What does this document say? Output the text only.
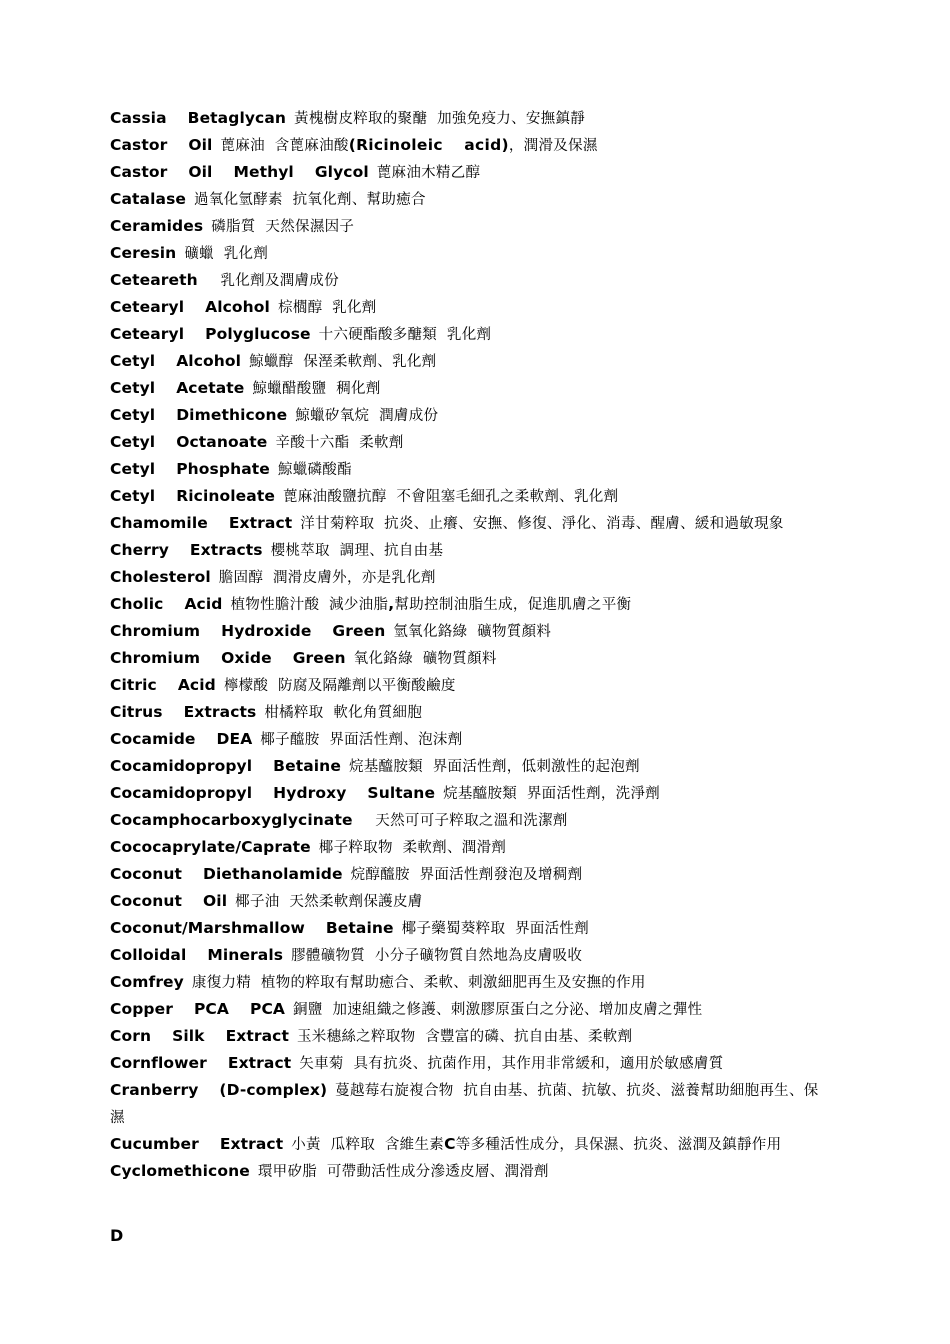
Cassia  Betaglycan 黃槐樹皮粹取的聚醣  加強免疫力、安撫鎮靜
Castor  Oil 蓖麻油  含蓖麻油酸(Ricinoleic  acid)，潤滑及保濕
Castor  Oil  Methyl  Glycol 蓖麻油木精乙醇
Catalase 過氧化氫酵素  抗氧化劑、幫助癒合
Ceramides 磷脂質  天然保濕因子
Ceresin 礦蠟  乳化劑
Ceteareth   乳化劑及潤膚成份
Cetearyl  Alcohol 棕櫚醇  乳化劑
Cetearyl  Polyglucose 十六硬酯酸多醣類  乳化劑
Cetyl  Alcohol 鯨蠟醇  保溼柔軟劑、乳化劑
Cetyl  Acetate 鯨蠟醋酸鹽  稠化劑
Cetyl  Dimethicone 鯨蠟矽氧烷  潤膚成份
Cetyl  Octanoate 辛酸十六酯  柔軟劑
Cetyl  Phosphate 鯨蠟磷酸酯
Cetyl  Ricinoleate 蓖麻油酸鹽抗醇  不會阻塞毛細孔之柔軟劑、乳化劑
Chamomile  Extract 洋甘菊粹取  抗炎、止癢、安撫、修復、淨化、消毒、醒膚、緩和過敏現象
Cherry  Extracts 櫻桃萃取  調理、抗自由基
Cholesterol 膽固醇  潤滑皮膚外，亦是乳化劑
Cholic  Acid 植物性膽汁酸  減少油脂,幫助控制油脂生成，促進肌膚之平衡
Chromium  Hydroxide  Green 氫氧化鉻綠  礦物質顏料
Chromium  Oxide  Green 氧化鉻綠  礦物質顏料
Citric  Acid 檸檬酸  防腐及隔離劑以平衡酸鹼度
Citrus  Extracts 柑橘粹取  軟化角質細胞
Cocamide  DEA 椰子醯胺  界面活性劑、泡沫劑
Cocamidopropyl  Betaine 烷基醯胺類  界面活性劑，低刺激性的起泡劑
Cocamidopropyl  Hydroxy  Sultane 烷基醯胺類  界面活性劑，洗淨劑
Cocamphocarboxyglycinate   天然可可子粹取之溫和洗潔劑
Cococaprylate/Caprate 椰子粹取物  柔軟劑、潤滑劑
Coconut  Diethanolamide 烷醇醯胺  界面活性劑發泡及增稠劑
Coconut  Oil 椰子油  天然柔軟劑保護皮膚
Coconut/Marshmallow  Betaine 椰子藥蜀葵粹取  界面活性劑
Colloidal  Minerals 膠體礦物質  小分子礦物質自然地為皮膚吸收
Comfrey 康復力精  植物的粹取有幫助癒合、柔軟、刺激細肥再生及安撫的作用
Copper  PCA  PCA 銅鹽  加速組織之修護、刺激膠原蛋白之分泌、增加皮膚之彈性
Corn  Silk  Extract 玉米穗絲之粹取物  含豐富的磷、抗自由基、柔軟劑
Cornflower  Extract 矢車菊  具有抗炎、抗菌作用，其作用非常緩和，適用於敏感膚質
Cranberry  (D-complex) 蔓越莓右旋複合物  抗自由基、抗菌、抗敏、抗炎、滋養幫助細胞再生、保濕
Cucumber  Extract 小黃  瓜粹取  含維生素C等多種活性成分，具保濕、抗炎、滋潤及鎮靜作用
Cyclomethicone 環甲矽脂  可帶動活性成分滲透皮層、潤滑劑
D
